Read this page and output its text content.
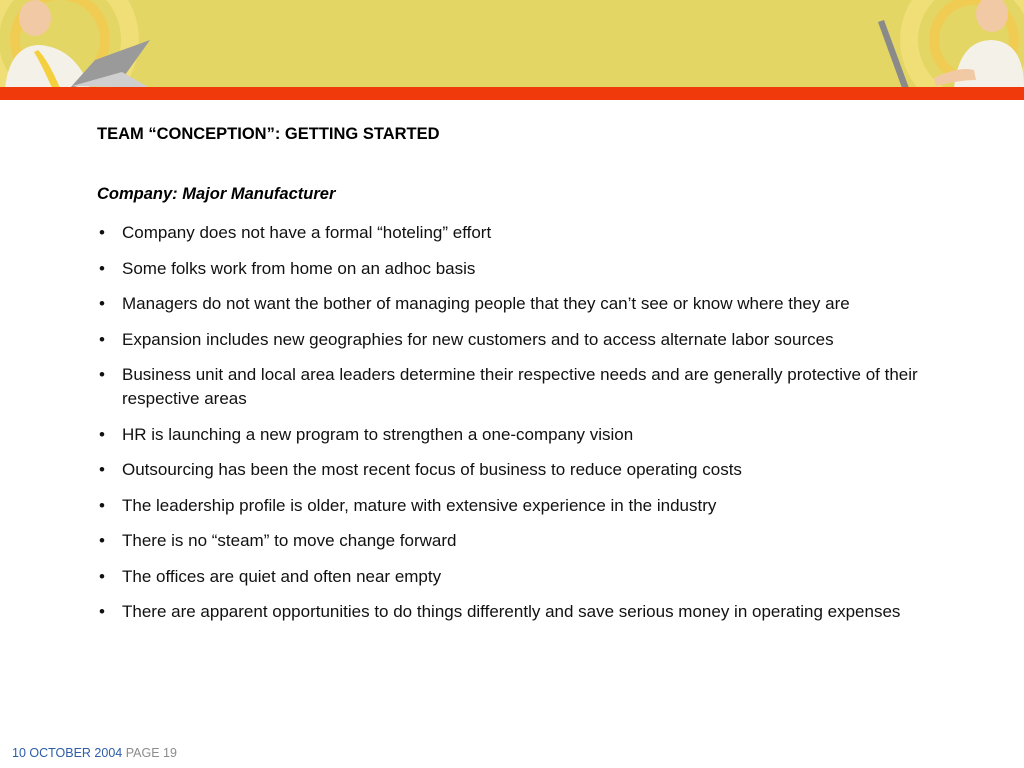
TEAM “CONCEPTION”: GETTING STARTED
Company: Major Manufacturer
• Company does not have a formal “hoteling” effort
• Some folks work from home on an adhoc basis
• Managers do not want the bother of managing people that they can’t see or know where they are
• Expansion includes new geographies for new customers and to access alternate labor sources
• Business unit and local area leaders determine their respective needs and are generally protective of their respective areas
• HR is launching a new program to strengthen a one-company vision
• Outsourcing has been the most recent focus of business to reduce operating costs
• The leadership profile is older, mature with extensive experience in the industry
• There is no “steam” to move change forward
• The offices are quiet and often near empty
• There are apparent opportunities to do things differently and save serious money in operating expenses
10 OCTOBER 2004 PAGE 19
